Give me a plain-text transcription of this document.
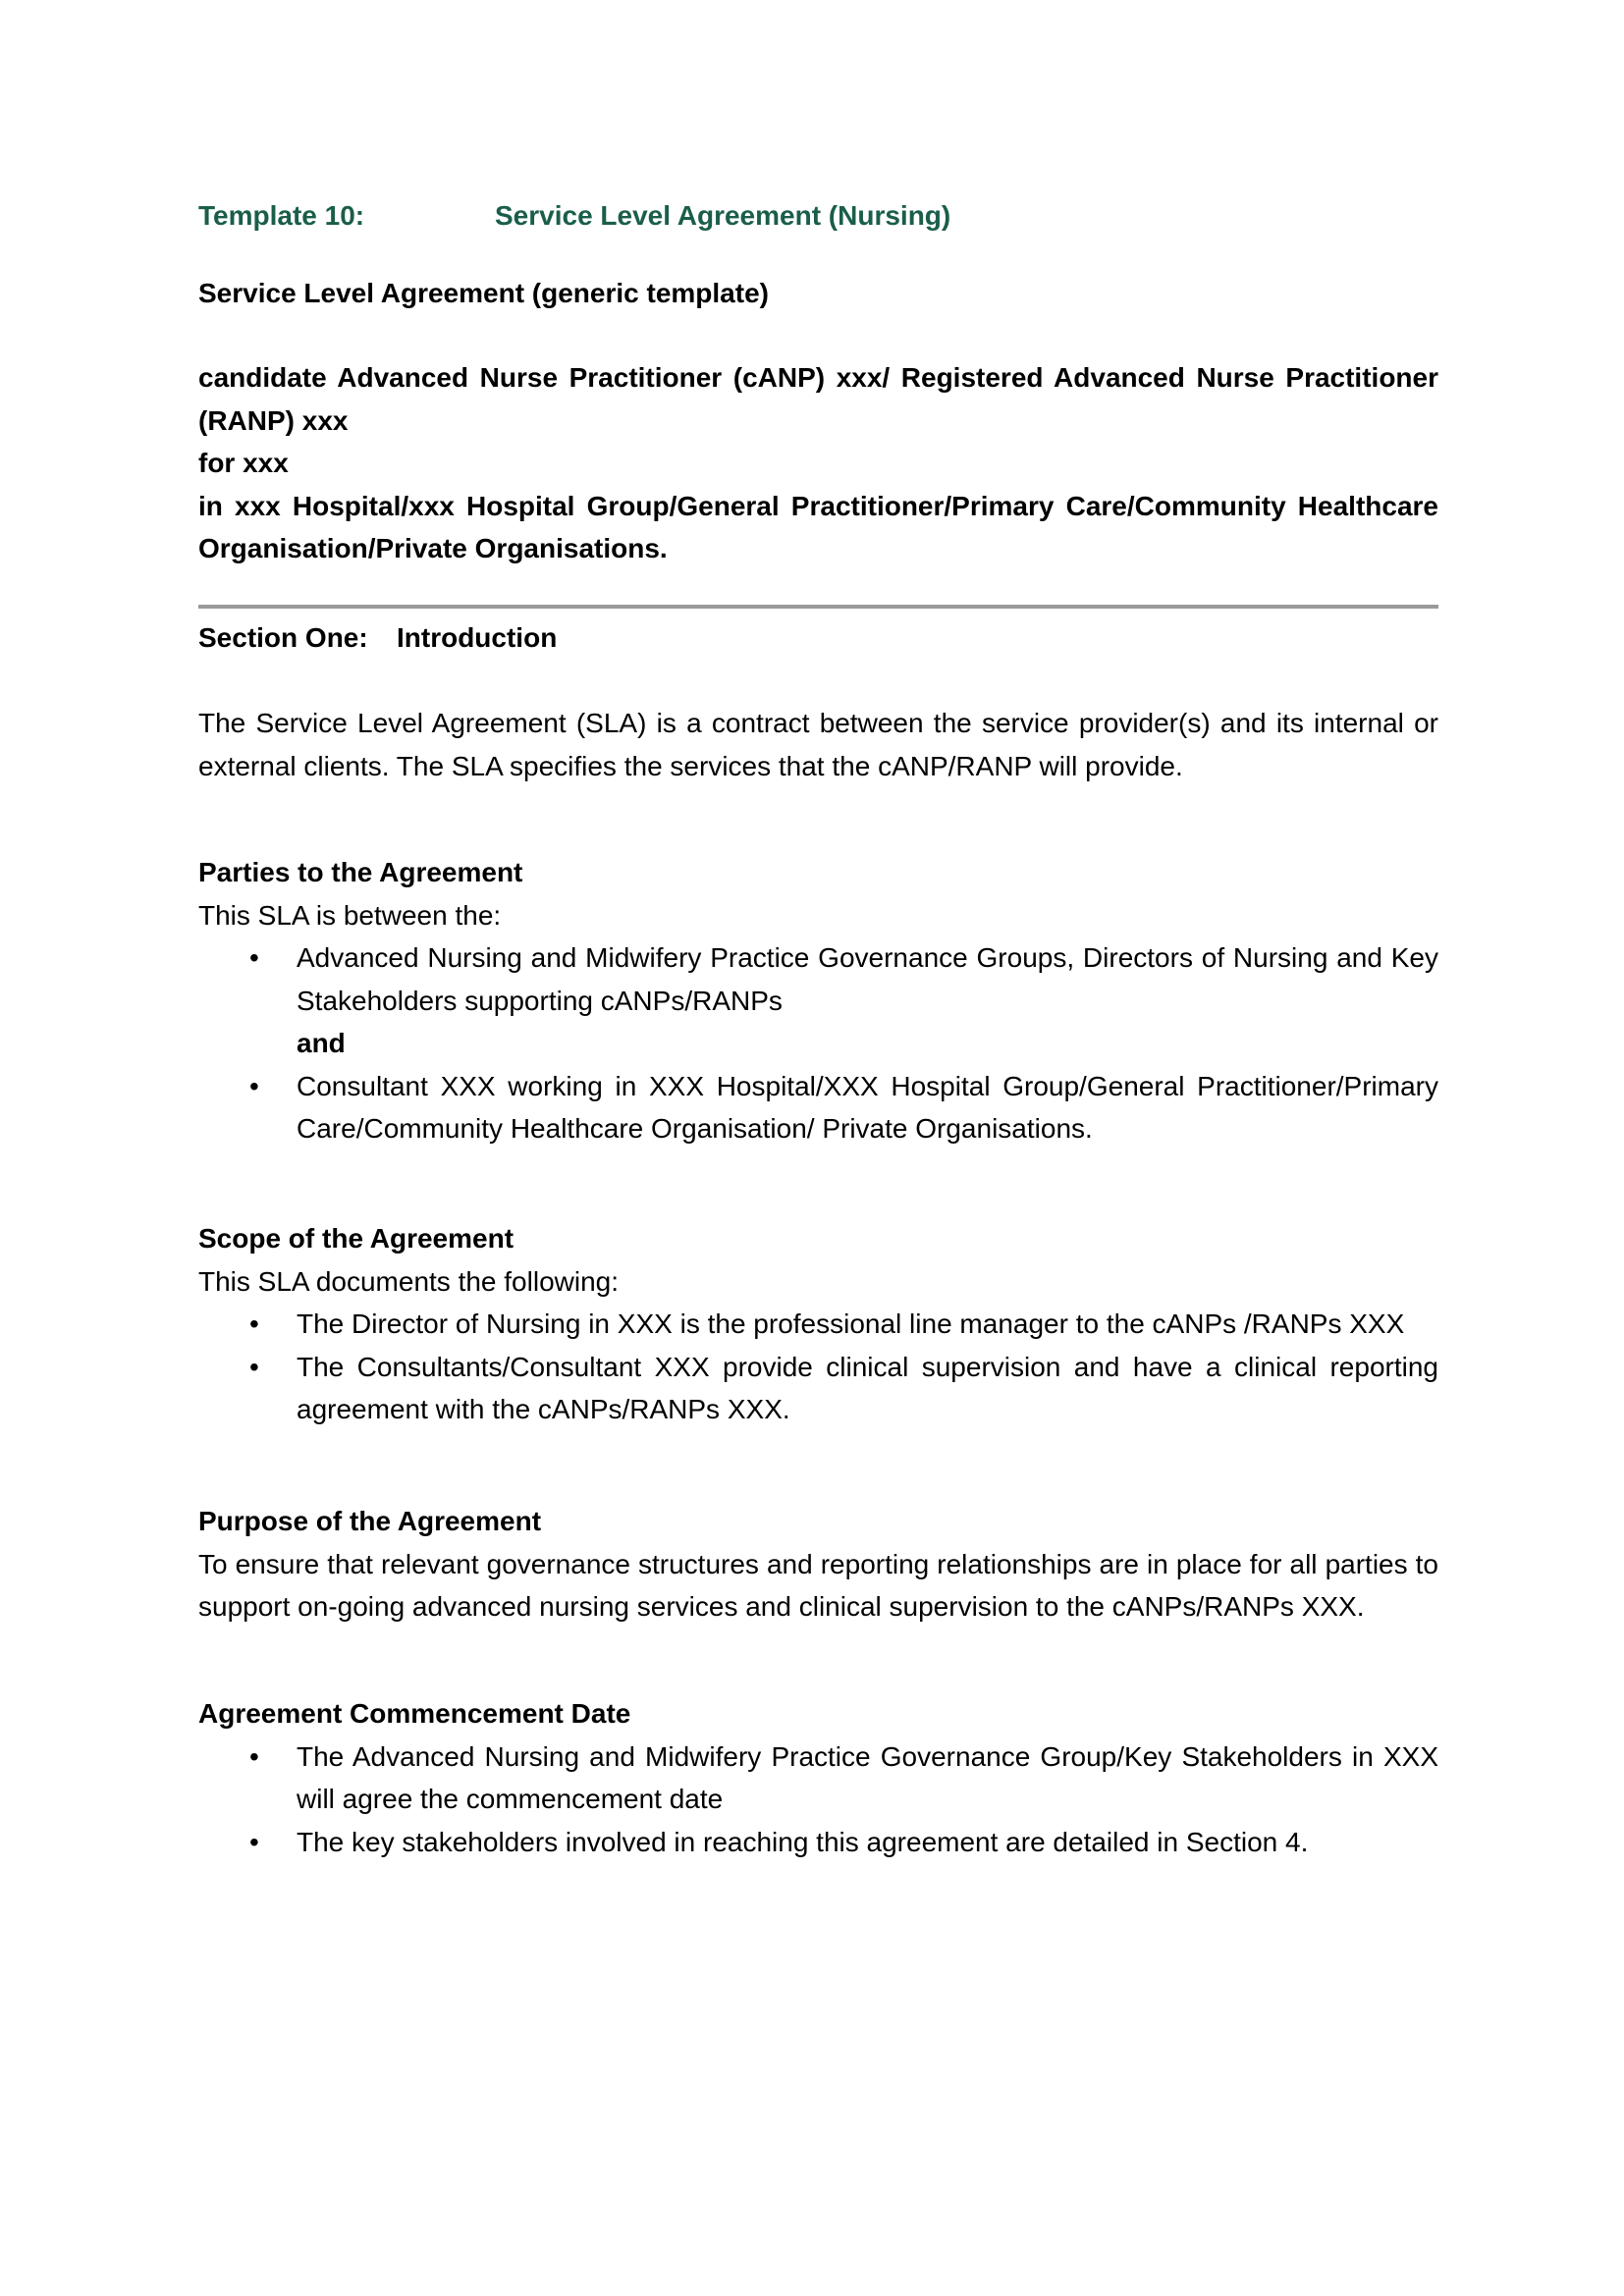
Template 10:	Service Level Agreement (Nursing)
Service Level Agreement (generic template)
candidate Advanced Nurse Practitioner (cANP) xxx/ Registered Advanced Nurse Practitioner (RANP) xxx
for xxx
in xxx Hospital/xxx Hospital Group/General Practitioner/Primary Care/Community Healthcare Organisation/Private Organisations.
Section One: Introduction
The Service Level Agreement (SLA) is a contract between the service provider(s) and its internal or external clients. The SLA specifies the services that the cANP/RANP will provide.
Parties to the Agreement
This SLA is between the:
• Advanced Nursing and Midwifery Practice Governance Groups, Directors of Nursing and Key Stakeholders supporting cANPs/RANPs
and
• Consultant XXX working in XXX Hospital/XXX Hospital Group/General Practitioner/Primary Care/Community Healthcare Organisation/ Private Organisations.
Scope of the Agreement
This SLA documents the following:
• The Director of Nursing in XXX is the professional line manager to the cANPs /RANPs XXX
• The Consultants/Consultant XXX provide clinical supervision and have a clinical reporting agreement with the cANPs/RANPs XXX.
Purpose of the Agreement
To ensure that relevant governance structures and reporting relationships are in place for all parties to support on-going advanced nursing services and clinical supervision to the cANPs/RANPs XXX.
Agreement Commencement Date
• The Advanced Nursing and Midwifery Practice Governance Group/Key Stakeholders in XXX will agree the commencement date
• The key stakeholders involved in reaching this agreement are detailed in Section 4.
